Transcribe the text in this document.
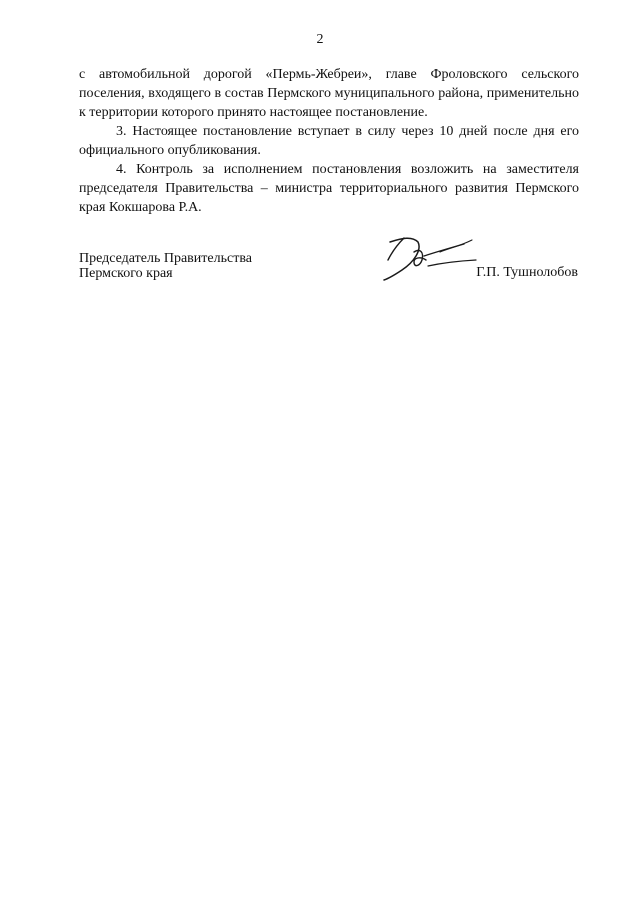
2

с автомобильной дорогой «Пермь-Жебреи», главе Фроловского сельского поселения, входящего в состав Пермского муниципального района, применительно к территории которого принято настоящее постановление.

3. Настоящее постановление вступает в силу через 10 дней после дня его официального опубликования.

4. Контроль за исполнением постановления возложить на заместителя председателя Правительства – министра территориального развития Пермского края Кокшарова Р.А.

Председатель Правительства
Пермского края	Г.П. Тушнолобов
